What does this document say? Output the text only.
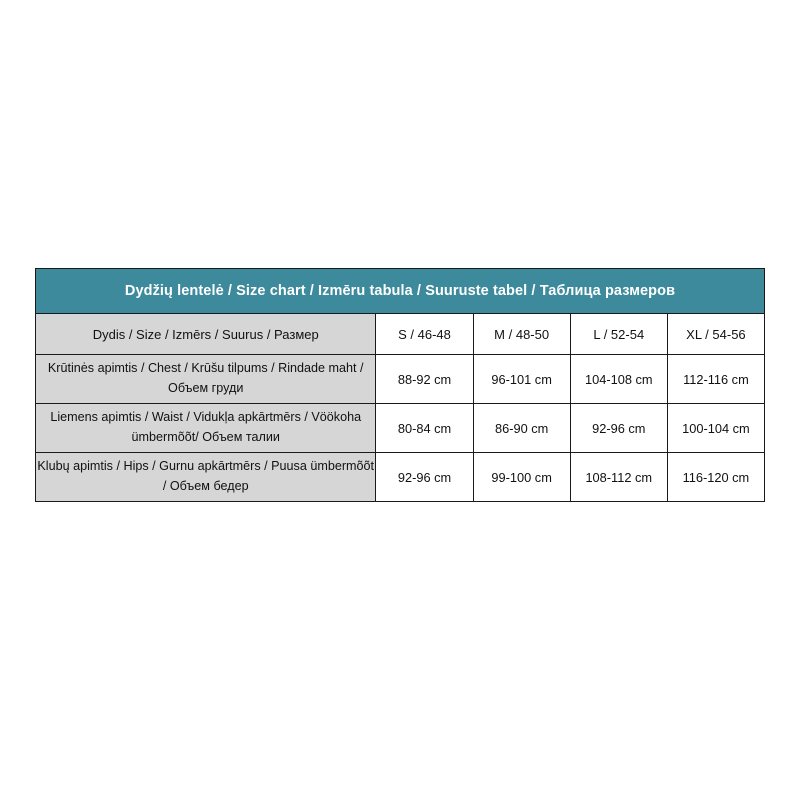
Dydžių lentelė / Size chart / Izmēru tabula / Suuruste tabel / Таблица размеров				
Dydis / Size / Izmērs / Suurus / Размер	S / 46-48	M / 48-50	L / 52-54	XL / 54-56
Krūtinės apimtis / Chest / Krūšu tilpums / Rindade maht / Объем груди	88-92 cm	96-101 cm	104-108 cm	112-116 cm
Liemens apimtis / Waist / Vidukļa apkārtmērs / Vöökoha ümbermõõt/ Объем талии	80-84 cm	86-90 cm	92-96 cm	100-104 cm
Klubų apimtis / Hips / Gurnu apkārtmērs / Puusa ümbermõõt / Объем бедер	92-96 cm	99-100 cm	108-112 cm	116-120 cm
